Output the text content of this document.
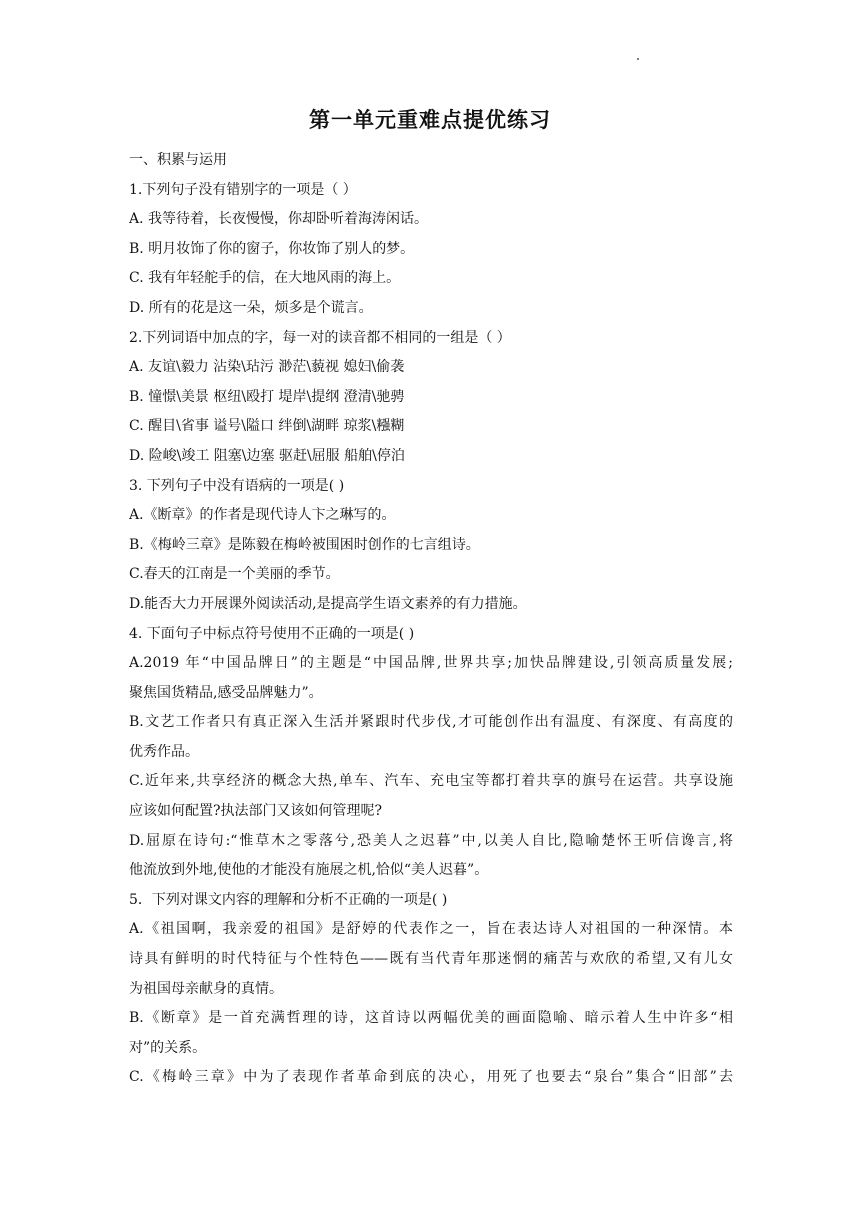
第一单元重难点提优练习
一、积累与运用
1.下列句子没有错别字的一项是（ ）
A. 我等待着，长夜慢慢，你却卧听着海涛闲话。
B. 明月妆饰了你的窗子，你妆饰了别人的梦。
C. 我有年轻舵手的信，在大地风雨的海上。
D. 所有的花是这一朵，烦多是个谎言。
2.下列词语中加点的字，每一对的读音都不相同的一组是（ ）
A. 友谊\毅力 沾染\玷污 渺茫\藐视 媳妇\偷袭
B. 憧憬\美景 枢纽\殴打 堤岸\提纲 澄清\驰骋
C. 醒目\省事 谥号\隘口 绊倒\湖畔 琼浆\糨糊
D. 险峻\竣工 阻塞\边塞 驱赶\屈服 船舶\停泊
3. 下列句子中没有语病的一项是( )
A.《断章》的作者是现代诗人卞之琳写的。
B.《梅岭三章》是陈毅在梅岭被围困时创作的七言组诗。
C.春天的江南是一个美丽的季节。
D.能否大力开展课外阅读活动,是提高学生语文素养的有力措施。
4. 下面句子中标点符号使用不正确的一项是( )
A.2019 年“中国品牌日”的主题是“中国品牌,世界共享;加快品牌建设,引领高质量发展;
聚焦国货精品,感受品牌魅力”。
B.文艺工作者只有真正深入生活并紧跟时代步伐,才可能创作出有温度、有深度、有高度的
优秀作品。
C.近年来,共享经济的概念大热,单车、汽车、充电宝等都打着共享的旗号在运营。共享设施
应该如何配置?执法部门又该如何管理呢?
D.屈原在诗句:“惟草木之零落兮,恐美人之迟暮”中,以美人自比,隐喻楚怀王听信谗言,将
他流放到外地,使他的才能没有施展之机,恰似“美人迟暮”。
5．下列对课文内容的理解和分析不正确的一项是( )
A.《祖国啊，我亲爱的祖国》是舒婷的代表作之一，旨在表达诗人对祖国的一种深情。本
诗具有鲜明的时代特征与个性特色——既有当代青年那迷惘的痛苦与欢欣的希望,又有儿女
为祖国母亲献身的真情。
B.《断章》是一首充满哲理的诗，这首诗以两幅优美的画面隐喻、暗示着人生中许多“相
对”的关系。
C.《梅岭三章》中为了表现作者革命到底的决心，用死了也要去“泉台”集合“旧部”去
